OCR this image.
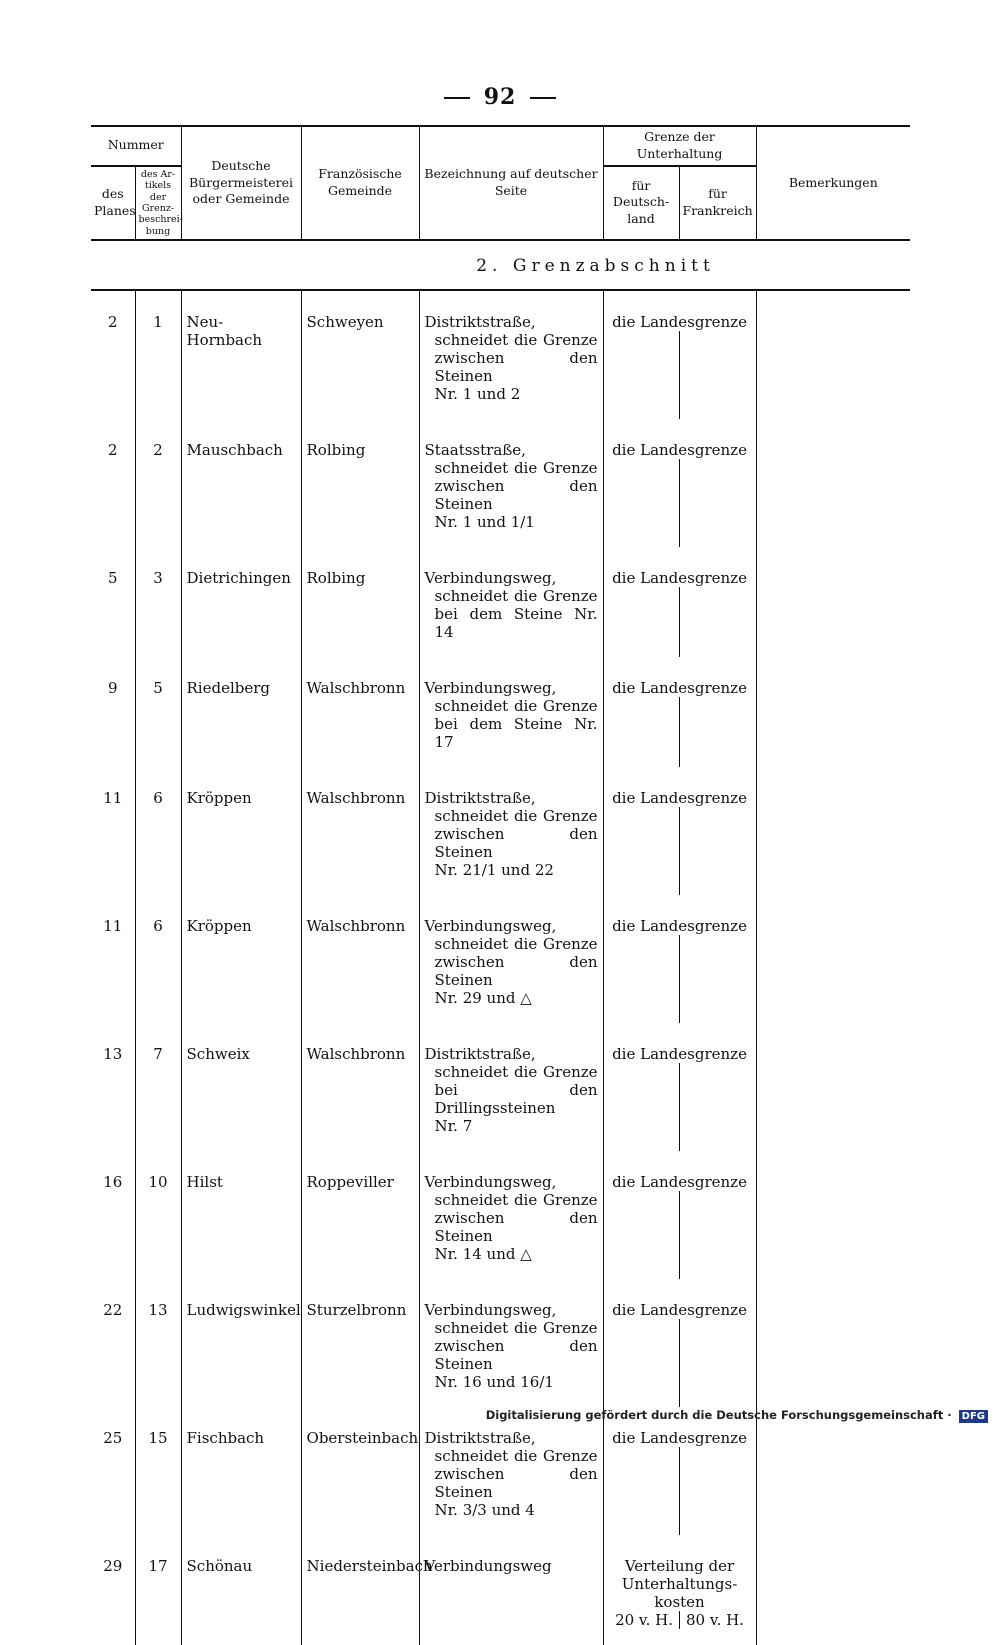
92
Nummer		Deutsche Bürgermeisterei oder Gemeinde	Französische Gemeinde	Bezeichnung auf deutscher Seite	Grenze der Unterhaltung		Bemerkungen
des Planes	des Ar-tikels der Grenz-beschrei-bung				für Deutsch-land	für Frankreich	
2. Grenzabschnitt							
2	1	Neu-Hornbach	Schweyen	Distriktstraße,
schneidet die Grenze
zwischen den Steinen
Nr. 1 und 2	die Landesgrenze	

2	2	Mauschbach	Rolbing	Staatsstraße,
schneidet die Grenze
zwischen den Steinen
Nr. 1 und 1/1	die Landesgrenze	

5	3	Dietrichingen	Rolbing	Verbindungsweg,
schneidet die Grenze
bei dem Steine Nr. 14	die Landesgrenze	

9	5	Riedelberg	Walschbronn	Verbindungsweg,
schneidet die Grenze
bei dem Steine Nr. 17	die Landesgrenze	

11	6	Kröppen	Walschbronn	Distriktstraße,
schneidet die Grenze
zwischen den Steinen
Nr. 21/1 und 22	die Landesgrenze	

11	6	Kröppen	Walschbronn	Verbindungsweg,
schneidet die Grenze
zwischen den Steinen
Nr. 29 und △	die Landesgrenze	

13	7	Schweix	Walschbronn	Distriktstraße,
schneidet die Grenze
bei den Drillingssteinen
Nr. 7	die Landesgrenze	

16	10	Hilst	Roppeviller	Verbindungsweg,
schneidet die Grenze
zwischen den Steinen
Nr. 14 und △	die Landesgrenze	

22	13	Ludwigswinkel	Sturzelbronn	Verbindungsweg,
schneidet die Grenze
zwischen den Steinen
Nr. 16 und 16/1	die Landesgrenze	

25	15	Fischbach	Obersteinbach	Distriktstraße,
schneidet die Grenze
zwischen den Steinen
Nr. 3/3 und 4	die Landesgrenze	

29	17	Schönau	Niedersteinbach	Verbindungsweg	Verteilung der Unterhaltungs-kosten
20 v. H. 80 v. H.		

Digitalisierung gefördert durch die Deutsche Forschungsgemeinschaft · DFG
